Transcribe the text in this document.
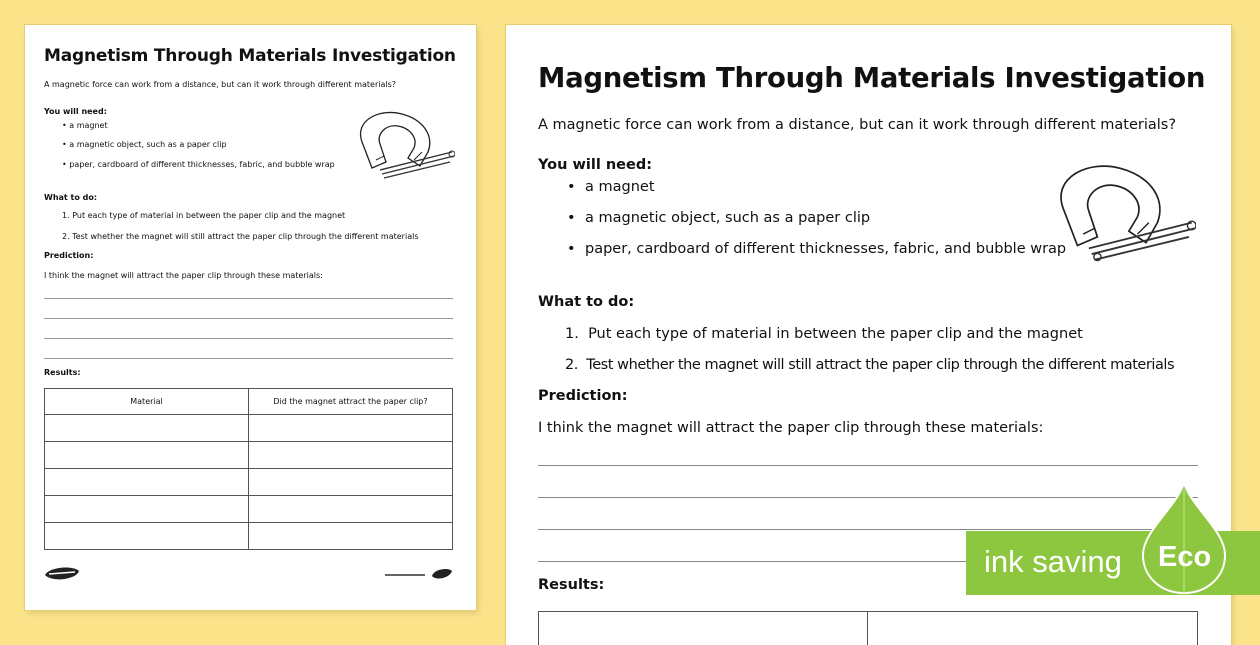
Magnetism Through Materials Investigation
A magnetic force can work from a distance, but can it work through different materials?
You will need:
• a magnet
• a magnetic object, such as a paper clip
• paper, cardboard of different thicknesses, fabric, and bubble wrap
What to do:
1. Put each type of material in between the paper clip and the magnet
2. Test whether the magnet will still attract the paper clip through the different materials
Prediction:
I think the magnet will attract the paper clip through these materials:
Results:
Material	Did the magnet attract the paper clip?

Magnetism Through Materials Investigation
A magnetic force can work from a distance, but can it work through different materials?
You will need:
• a magnet
• a magnetic object, such as a paper clip
• paper, cardboard of different thicknesses, fabric, and bubble wrap
What to do:
1. Put each type of material in between the paper clip and the magnet
2. Test whether the magnet will still attract the paper clip through the different materials
Prediction:
I think the magnet will attract the paper clip through these materials:
Results:
ink saving Eco
